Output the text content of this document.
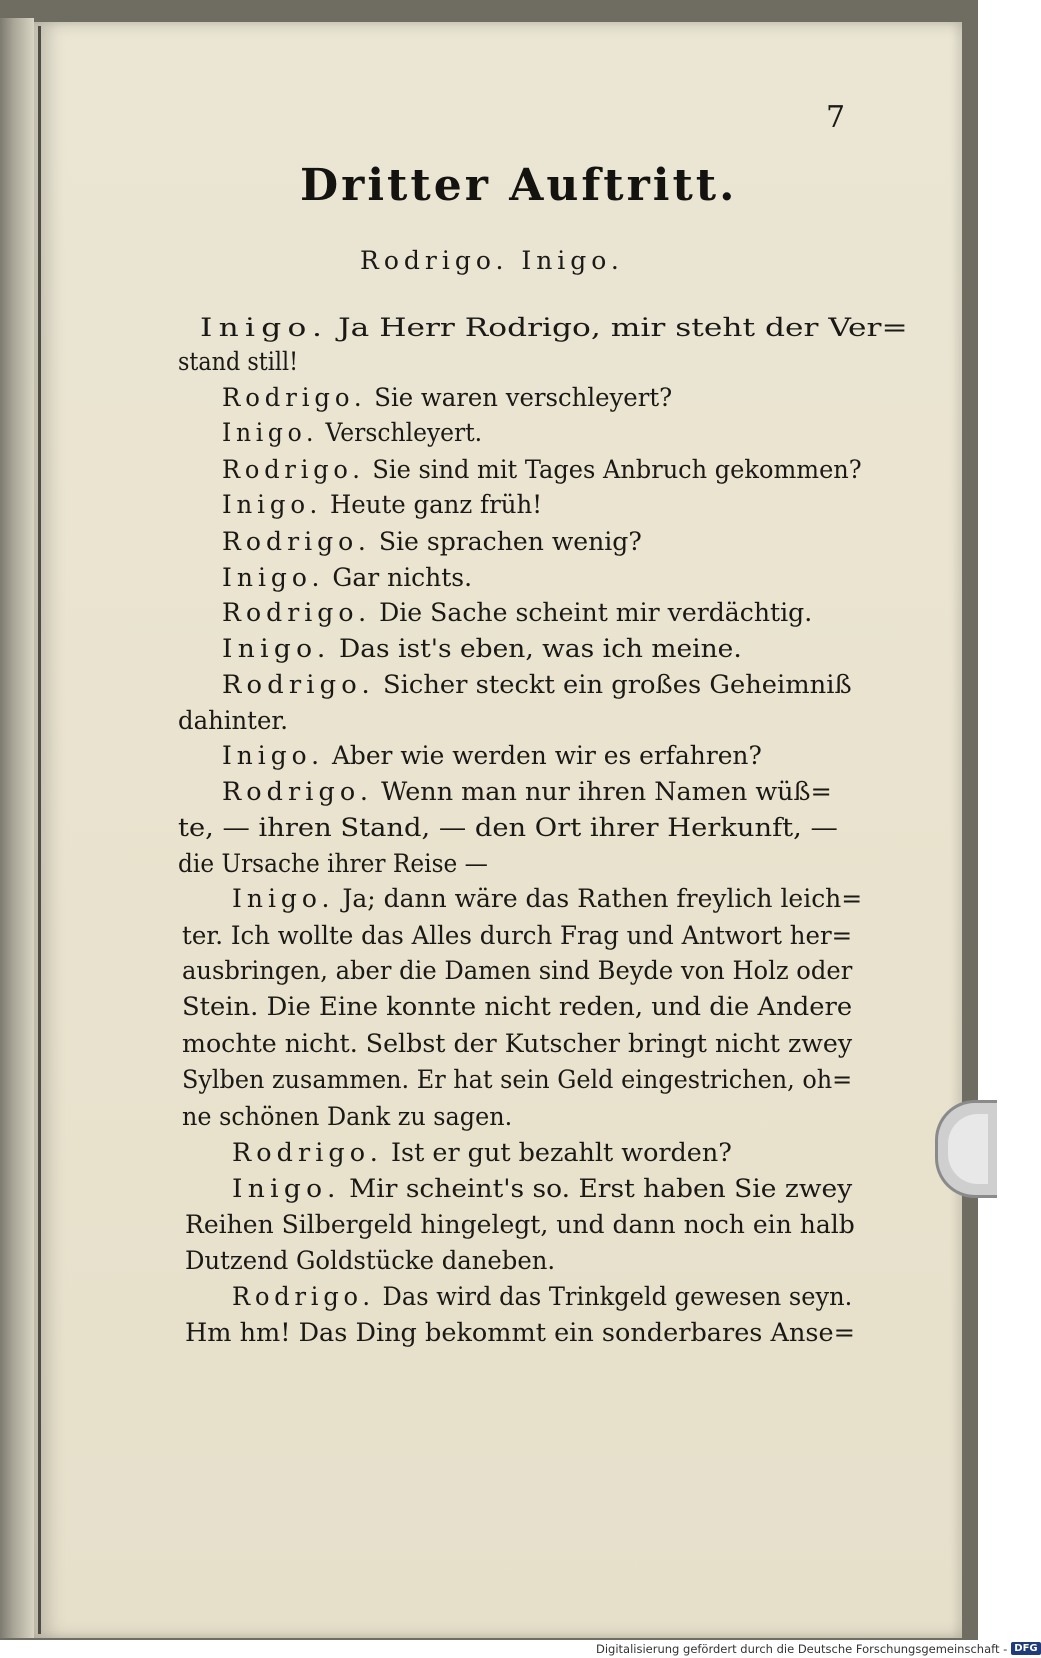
7
Dritter Auftritt.
Rodrigo. Inigo.
Inigo. Ja Herr Rodrigo, mir steht der Ver=
stand still!
Rodrigo. Sie waren verschleyert?
Inigo. Verschleyert.
Rodrigo. Sie sind mit Tages Anbruch gekommen?
Inigo. Heute ganz früh!
Rodrigo. Sie sprachen wenig?
Inigo. Gar nichts.
Rodrigo. Die Sache scheint mir verdächtig.
Inigo. Das ist's eben, was ich meine.
Rodrigo. Sicher steckt ein großes Geheimniß
dahinter.
Inigo. Aber wie werden wir es erfahren?
Rodrigo. Wenn man nur ihren Namen wüß=
te, — ihren Stand, — den Ort ihrer Herkunft, —
die Ursache ihrer Reise —
Inigo. Ja; dann wäre das Rathen freylich leich=
ter. Ich wollte das Alles durch Frag und Antwort her=
ausbringen, aber die Damen sind Beyde von Holz oder
Stein. Die Eine konnte nicht reden, und die Andere
mochte nicht. Selbst der Kutscher bringt nicht zwey
Sylben zusammen. Er hat sein Geld eingestrichen, oh=
ne schönen Dank zu sagen.
Rodrigo. Ist er gut bezahlt worden?
Inigo. Mir scheint's so. Erst haben Sie zwey
Reihen Silbergeld hingelegt, und dann noch ein halb
Dutzend Goldstücke daneben.
Rodrigo. Das wird das Trinkgeld gewesen seyn.
Hm hm! Das Ding bekommt ein sonderbares Anse=
Digitalisierung gefördert durch die Deutsche Forschungsgemeinschaft - DFG
